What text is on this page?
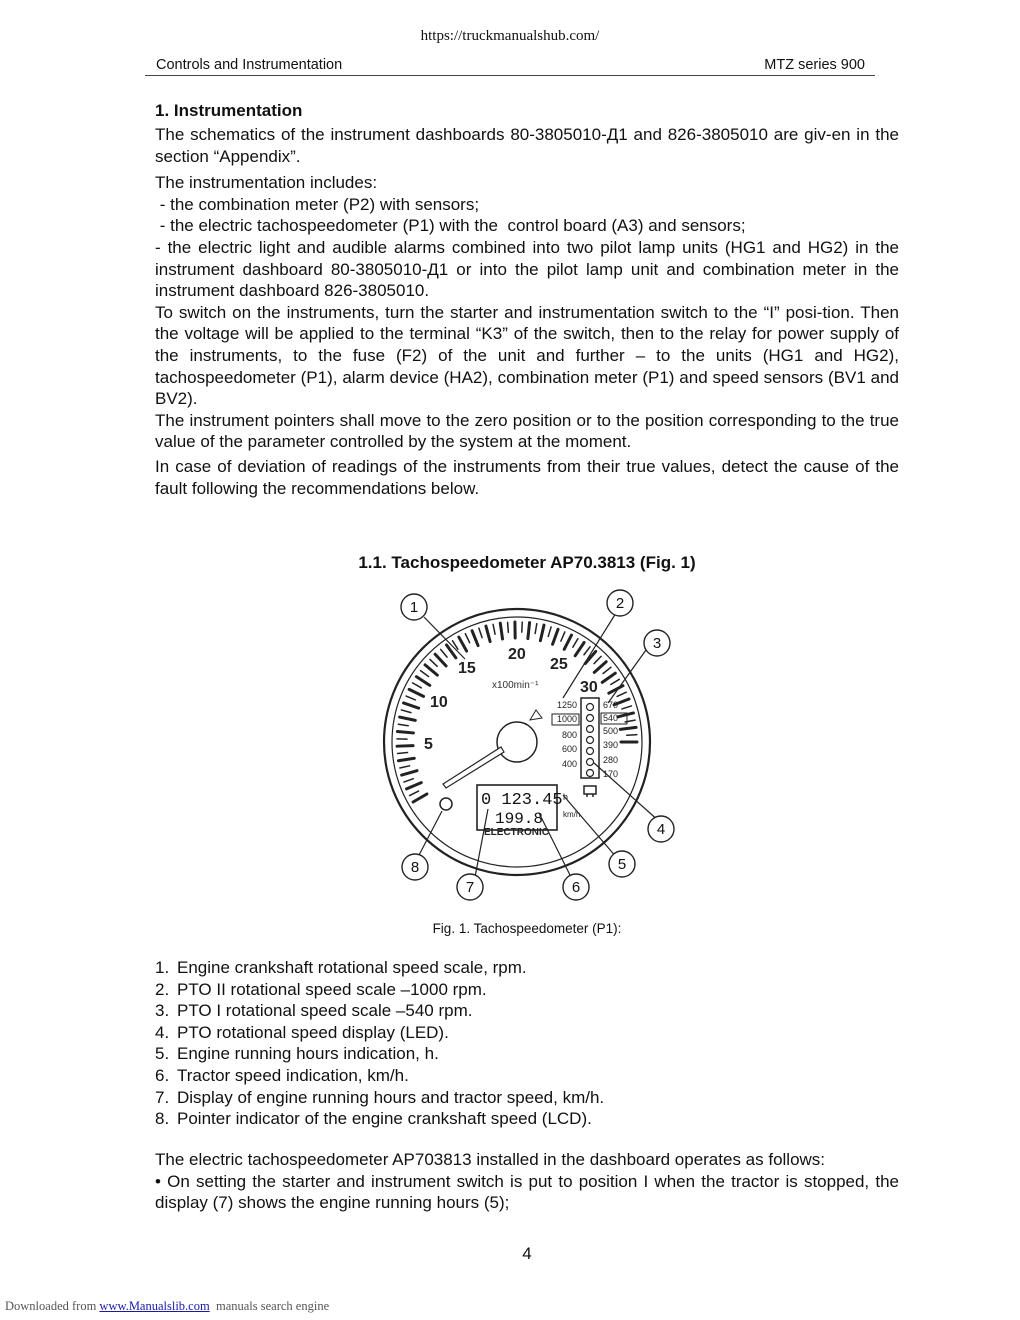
https://truckmanualshub.com/
Controls and Instrumentation	MTZ series 900
1. Instrumentation

The schematics of the instrument dashboards 80-3805010-Д1 and 826-3805010 are giv-en in the section “Appendix”.

The instrumentation includes:

- the combination meter (P2) with sensors;

- the electric tachospeedometer (P1) with the  control board (A3) and sensors;

- the electric light and audible alarms combined into two pilot lamp units (HG1 and HG2) in the instrument dashboard 80-3805010-Д1 or into the pilot lamp unit and combination meter in the instrument dashboard 826-3805010.

To switch on the instruments, turn the starter and instrumentation switch to the “I” posi-tion. Then the voltage will be applied to the terminal “K3” of the switch, then to the relay for power supply of the instruments, to the fuse (F2) of the unit and further – to the units (HG1 and HG2), tachospeedometer (P1), alarm device (HA2), combination meter (P1) and speed sensors (BV1 and BV2).

The instrument pointers shall move to the zero position or to the position corresponding to the true value of the parameter controlled by the system at the moment.

In case of deviation of readings of the instruments from their true values, detect the cause of the fault following the recommendations below.

1.1. Tachospeedometer AP70.3813 (Fig. 1)
5
10
15
20
25
30
x100min⁻¹
1250
1000
800
600
400
670
540
500
390
280
170
0 123.45 h
199.8 km/h
ELECTRONIC
1	2
3
4
5
6
7
8
Fig. 1. Tachospeedometer (P1):
1. Engine crankshaft rotational speed scale, rpm.
2. PTO II rotational speed scale –1000 rpm.
3. PTO I rotational speed scale –540 rpm.
4. PTO rotational speed display (LED).
5. Engine running hours indication, h.
6. Tractor speed indication, km/h.
7. Display of engine running hours and tractor speed, km/h.
8. Pointer indicator of the engine crankshaft speed (LCD).

The electric tachospeedometer AP703813 installed in the dashboard operates as follows:

• On setting the starter and instrument switch is put to position I when the tractor is stopped, the display (7) shows the engine running hours (5);

4
Downloaded from www.Manualslib.com  manuals search engine
